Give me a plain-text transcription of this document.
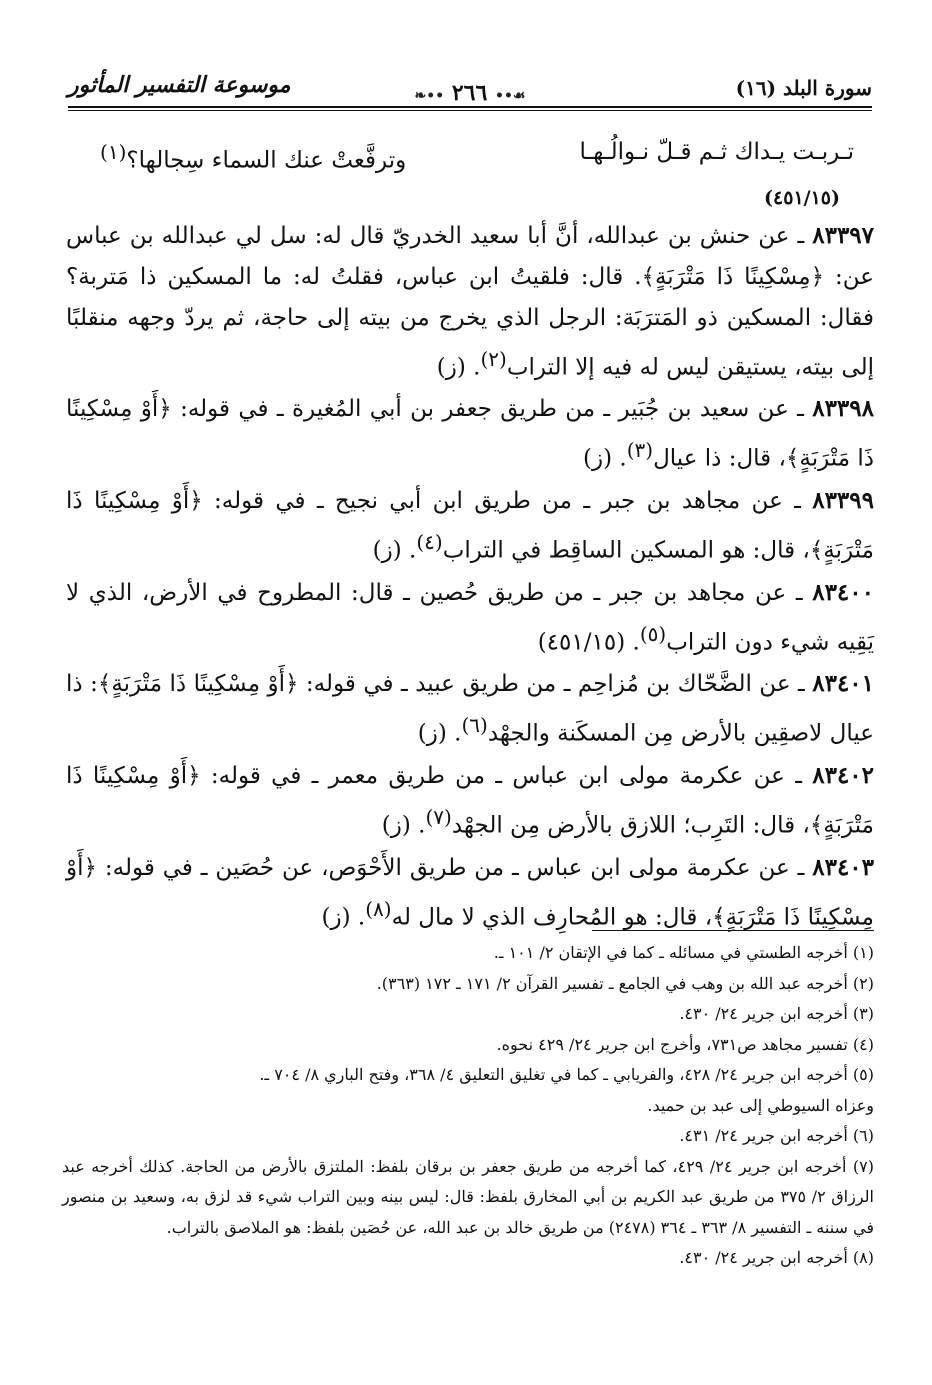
سورة البلد (١٦)
❧•• ٢٦٦ ••☙
موسوعة التفسير المأثور
تـربـت يـداك ثـم قـلّ نـوالُـهـا
وترفَّعتْ عنك السماء سِجالها؟$^{(١)}$
(٤٥١/١٥)
٨٣٣٩٧ ـ عن حنش بن عبدالله، أنَّ أبا سعيد الخدريّ قال له: سل لي عبدالله بن عباس عن: ﴿مِسْكِينًا ذَا مَتْرَبَةٍ﴾. قال: فلقيتُ ابن عباس، فقلتُ له: ما المسكين ذا مَتربة؟ فقال: المسكين ذو المَترَبَة: الرجل الذي يخرج من بيته إلى حاجة، ثم يردّ وجهه منقلبًا إلى بيته، يستيقن ليس له فيه إلا التراب$^{(٢)}$. (ز)
٨٣٣٩٨ ـ عن سعيد بن جُبَير ـ من طريق جعفر بن أبي المُغيرة ـ في قوله: ﴿أَوْ مِسْكِينًا ذَا مَتْرَبَةٍ﴾، قال: ذا عيال$^{(٣)}$. (ز)
٨٣٣٩٩ ـ عن مجاهد بن جبر ـ من طريق ابن أبي نجيح ـ في قوله: ﴿أَوْ مِسْكِينًا ذَا مَتْرَبَةٍ﴾، قال: هو المسكين الساقِط في التراب$^{(٤)}$. (ز)
٨٣٤٠٠ ـ عن مجاهد بن جبر ـ من طريق حُصين ـ قال: المطروح في الأرض، الذي لا يَقِيه شيء دون التراب$^{(٥)}$. (٤٥١/١٥)
٨٣٤٠١ ـ عن الضَّحّاك بن مُزاحِم ـ من طريق عبيد ـ في قوله: ﴿أَوْ مِسْكِينًا ذَا مَتْرَبَةٍ﴾: ذا عيال لاصقِين بالأرض مِن المسكَنة والجهْد$^{(٦)}$. (ز)
٨٣٤٠٢ ـ عن عكرمة مولى ابن عباس ـ من طريق معمر ـ في قوله: ﴿أَوْ مِسْكِينًا ذَا مَتْرَبَةٍ﴾، قال: التَرِب؛ اللازق بالأرض مِن الجهْد$^{(٧)}$. (ز)
٨٣٤٠٣ ـ عن عكرمة مولى ابن عباس ـ من طريق الأَحْوَص، عن حُصَين ـ في قوله: ﴿أَوْ مِسْكِينًا ذَا مَتْرَبَةٍ﴾، قال: هو المُحارِف الذي لا مال له$^{(٨)}$. (ز)

(١) أخرجه الطستي في مسائله ـ كما في الإتقان ٢/ ١٠١ ـ.

(٢) أخرجه عبد الله بن وهب في الجامع ـ تفسير القرآن ٢/ ١٧١ ـ ١٧٢ (٣٦٣).

(٣) أخرجه ابن جرير ٢٤/ ٤٣٠.

(٤) تفسير مجاهد ص٧٣١، وأخرج ابن جرير ٢٤/ ٤٢٩ نحوه.

(٥) أخرجه ابن جرير ٢٤/ ٤٢٨، والفريابي ـ كما في تغليق التعليق ٤/ ٣٦٨، وفتح الباري ٨/ ٧٠٤ ـ.

وعزاه السيوطي إلى عبد بن حميد.

(٦) أخرجه ابن جرير ٢٤/ ٤٣١.

(٧) أخرجه ابن جرير ٢٤/ ٤٢٩، كما أخرجه من طريق جعفر بن برقان بلفظ: الملتزق بالأرض من الحاجة. كذلك أخرجه عبد الرزاق ٢/ ٣٧٥ من طريق عبد الكريم بن أبي المخارق بلفظ: قال: ليس بينه وبين التراب شيء قد لزق به، وسعيد بن منصور في سننه ـ التفسير ٨/ ٣٦٣ ـ ٣٦٤ (٢٤٧٨) من طريق خالد بن عبد الله، عن حُصَين بلفظ: هو الملاصق بالتراب.

(٨) أخرجه ابن جرير ٢٤/ ٤٣٠.
